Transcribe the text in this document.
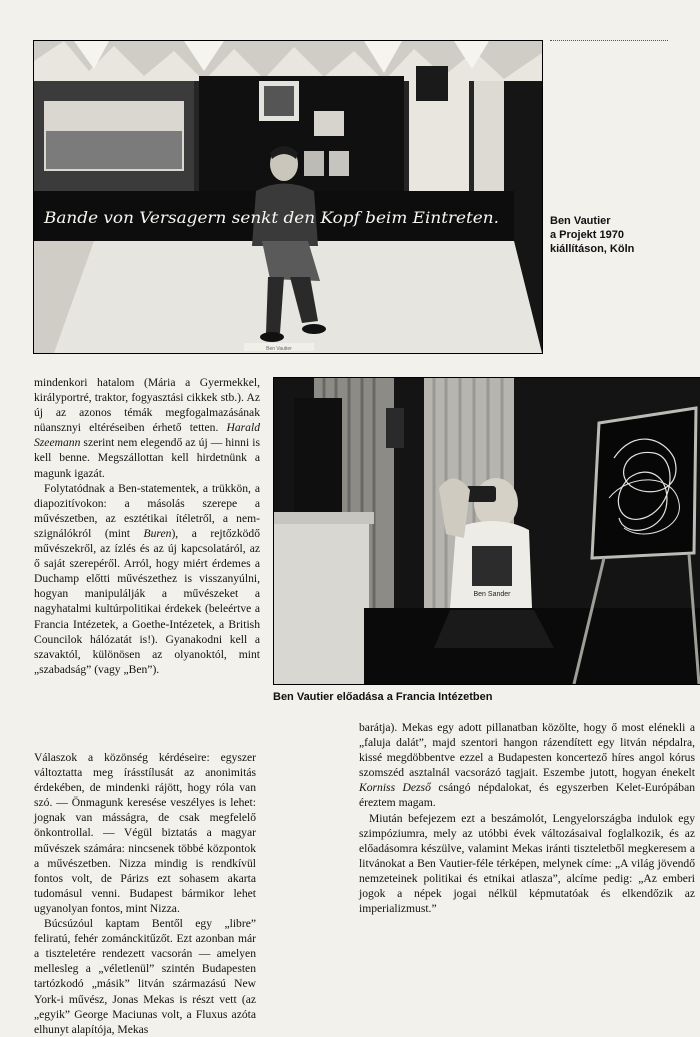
Ben Vautier
Bande von Versagern senkt den Kopf beim Eintreten.	Ben Vautier
a Projekt 1970
kiállításon, Köln
Ben Sander
Ben Vautier előadása a Francia Intézetben

mindenkori hatalom (Mária a Gyermekkel, királyportré, traktor, fogyasztási cikkek stb.). Az új az azonos témák megfogalmazásának nüansznyi eltéréseiben érhető tetten. Harald Szeemann szerint nem elegendő az új — hinni is kell benne. Megszállottan kell hirdetnünk a magunk igazát.

Folytatódnak a Ben-statementek, a trükkön, a diapozitívokon: a másolás szerepe a művészetben, az esztétikai ítéletről, a nem-szignálókról (mint Buren), a rejtőzködő művészekről, az ízlés és az új kapcsolatáról, az ő saját szerepéről. Arról, hogy miért érdemes a Duchamp előtti művészethez is visszanyúlni, hogyan manipulálják a művészeket a nagyhatalmi kultúrpolitikai érdekek (beleértve a Francia Intézetek, a Goethe-Intézetek, a British Councilok hálózatát is!). Gyanakodni kell a szavaktól, különösen az olyanoktól, mint „szabadság” (vagy „Ben”).

Válaszok a közönség kérdéseire: egyszer változtatta meg írásstílusát az anonimitás érdekében, de mindenki rájött, hogy róla van szó. — Önmagunk keresése veszélyes is lehet: jognak van másságra, de csak megfelelő önkontrollal. — Végül biztatás a magyar művészek számára: nincsenek többé központok a művészetben. Nizza mindig is rendkívül fontos volt, de Párizs ezt sohasem akarta tudomásul venni. Budapest bármikor lehet ugyanolyan fontos, mint Nizza.

Búcsúzóul kaptam Bentől egy „libre” feliratú, fehér zománckitűzőt. Ezt azonban már a tiszteletére rendezett vacsorán — amelyen mellesleg a „véletlenül” szintén Budapesten tartózkodó „másik” litván származású New York-i művész, Jonas Mekas is részt vett (az „egyik” George Maciunas volt, a Fluxus azóta elhunyt alapítója, Mekas

barátja). Mekas egy adott pillanatban közölte, hogy ő most elénekli a „faluja dalát”, majd szentori hangon rázendített egy litván népdalra, kissé megdöbbentve ezzel a Budapesten koncertező híres angol kórus szomszéd asztalnál vacsorázó tagjait. Eszembe jutott, hogyan énekelt Korniss Dezső csángó népdalokat, és egyszerben Kelet-Európában éreztem magam.

Miután befejezem ezt a beszámolót, Lengyelországba indulok egy szimpóziumra, mely az utóbbi évek változásaival foglalkozik, és az előadásomra készülve, valamint Mekas iránti tiszteletből megkeresem a litvánokat a Ben Vautier-féle térképen, melynek címe: „A világ jövendő nemzeteinek politikai és etnikai atlasza”, alcíme pedig: „Az emberi jogok a népek jogai nélkül képmutatóak és elkendőzik az imperializmust.”
